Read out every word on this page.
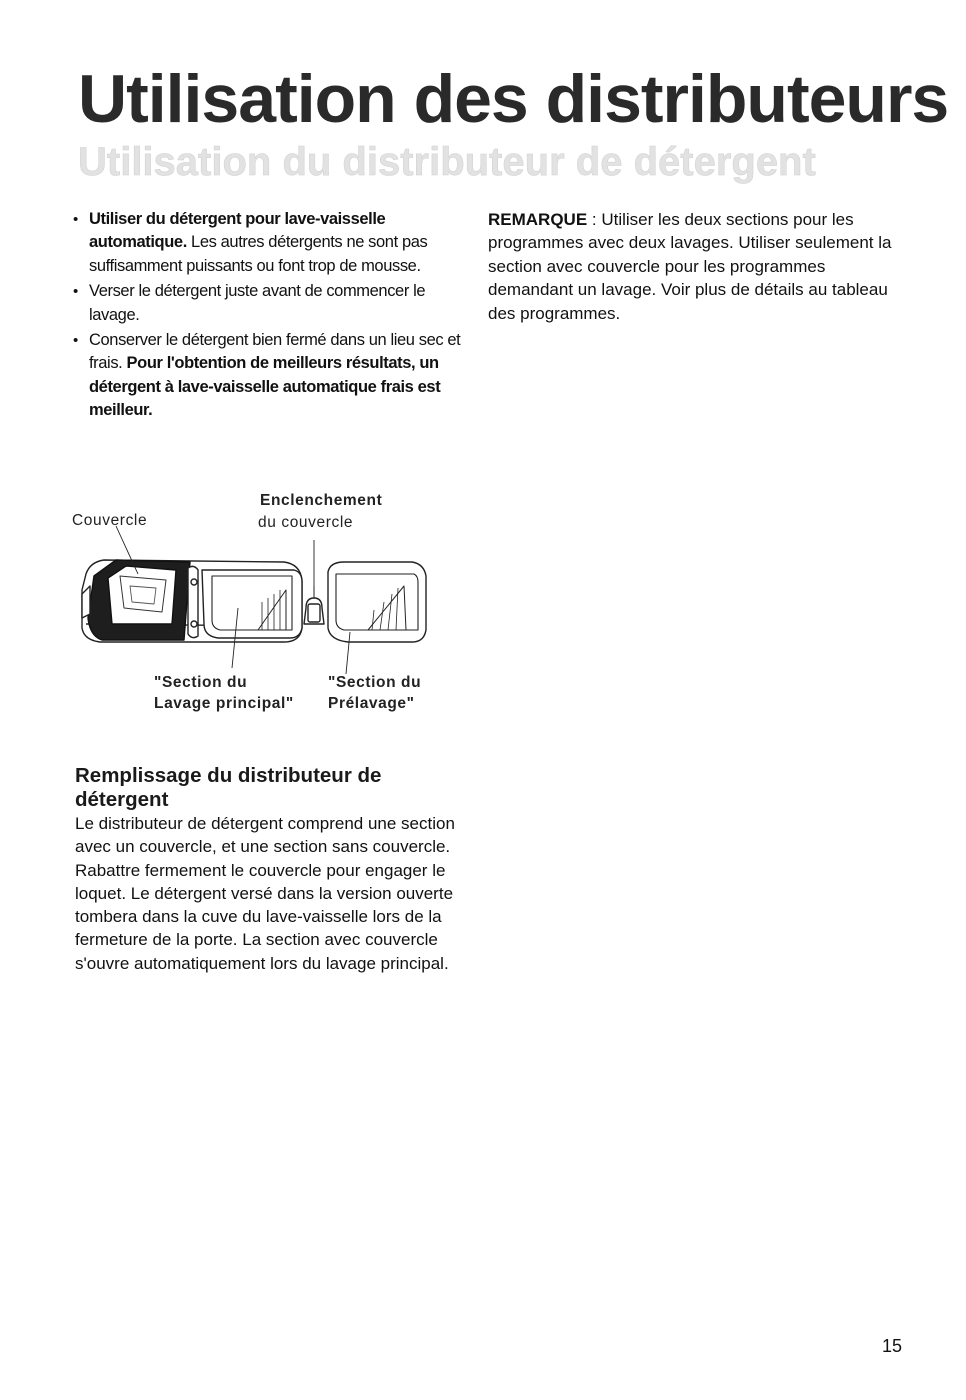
Utilisation des distributeurs
Utilisation du distributeur de détergent
• Utiliser du détergent pour lave-vaisselle automatique. Les autres détergents ne sont pas suffisamment puissants ou font trop de mousse.
• Verser le détergent juste avant de commencer le lavage.
• Conserver le détergent bien fermé dans un lieu sec et frais. Pour l'obtention de meilleurs résultats, un détergent à lave-vaisselle automatique frais est meilleur.

REMARQUE : Utiliser les deux sections pour les programmes avec deux lavages. Utiliser seulement la section avec couvercle pour les programmes demandant un lavage. Voir plus de détails au tableau des programmes.

Couvercle

Enclenchement

du couvercle

"Section du

Lavage principal"

"Section du

Prélavage"

Remplissage du distributeur de détergent

Le distributeur de détergent comprend une section avec un couvercle, et une section sans couvercle. Rabattre fermement le couvercle pour engager le loquet. Le détergent versé dans la version ouverte tombera dans la cuve du lave-vaisselle lors de la fermeture de la porte. La section avec couvercle s'ouvre automatiquement lors du lavage principal.

15
